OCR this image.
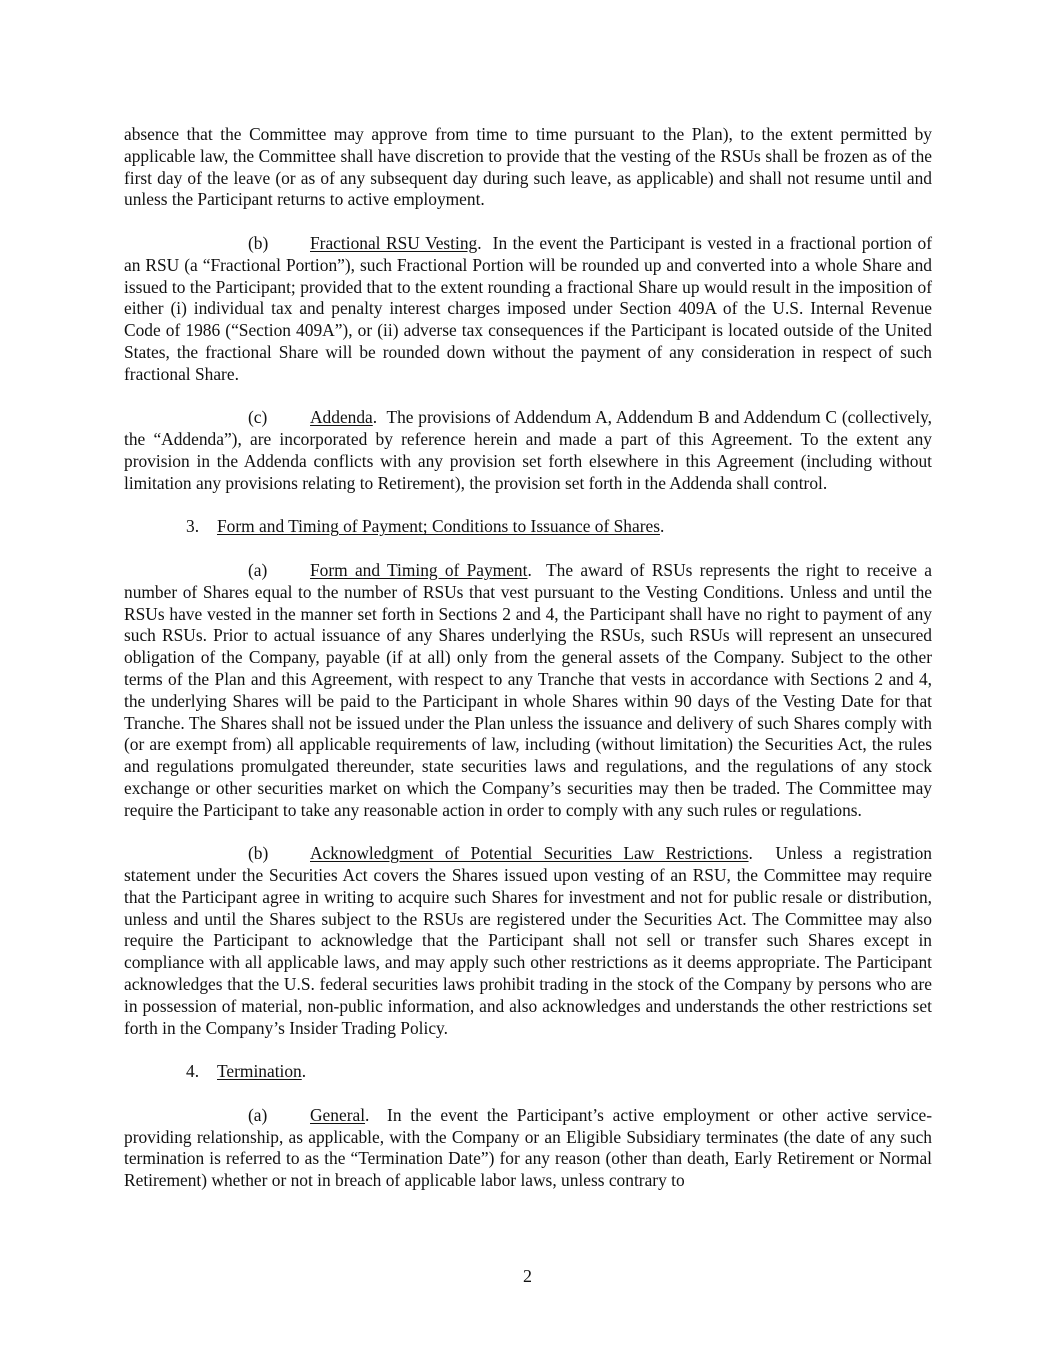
absence that the Committee may approve from time to time pursuant to the Plan), to the extent permitted by applicable law, the Committee shall have discretion to provide that the vesting of the RSUs shall be frozen as of the first day of the leave (or as of any subsequent day during such leave, as applicable) and shall not resume until and unless the Participant returns to active employment.

(b) Fractional RSU Vesting.  In the event the Participant is vested in a fractional portion of an RSU (a “Fractional Portion”), such Fractional Portion will be rounded up and converted into a whole Share and issued to the Participant; provided that to the extent rounding a fractional Share up would result in the imposition of either (i) individual tax and penalty interest charges imposed under Section 409A of the U.S. Internal Revenue Code of 1986 (“Section 409A”), or (ii) adverse tax consequences if the Participant is located outside of the United States, the fractional Share will be rounded down without the payment of any consideration in respect of such fractional Share.

(c) Addenda.  The provisions of Addendum A, Addendum B and Addendum C (collectively, the “Addenda”), are incorporated by reference herein and made a part of this Agreement. To the extent any provision in the Addenda conflicts with any provision set forth elsewhere in this Agreement (including without limitation any provisions relating to Retirement), the provision set forth in the Addenda shall control.

3. Form and Timing of Payment; Conditions to Issuance of Shares.

(a) Form and Timing of Payment.  The award of RSUs represents the right to receive a number of Shares equal to the number of RSUs that vest pursuant to the Vesting Conditions. Unless and until the RSUs have vested in the manner set forth in Sections 2 and 4, the Participant shall have no right to payment of any such RSUs. Prior to actual issuance of any Shares underlying the RSUs, such RSUs will represent an unsecured obligation of the Company, payable (if at all) only from the general assets of the Company. Subject to the other terms of the Plan and this Agreement, with respect to any Tranche that vests in accordance with Sections 2 and 4, the underlying Shares will be paid to the Participant in whole Shares within 90 days of the Vesting Date for that Tranche. The Shares shall not be issued under the Plan unless the issuance and delivery of such Shares comply with (or are exempt from) all applicable requirements of law, including (without limitation) the Securities Act, the rules and regulations promulgated thereunder, state securities laws and regulations, and the regulations of any stock exchange or other securities market on which the Company’s securities may then be traded. The Committee may require the Participant to take any reasonable action in order to comply with any such rules or regulations.

(b) Acknowledgment of Potential Securities Law Restrictions.  Unless a registration statement under the Securities Act covers the Shares issued upon vesting of an RSU, the Committee may require that the Participant agree in writing to acquire such Shares for investment and not for public resale or distribution, unless and until the Shares subject to the RSUs are registered under the Securities Act. The Committee may also require the Participant to acknowledge that the Participant shall not sell or transfer such Shares except in compliance with all applicable laws, and may apply such other restrictions as it deems appropriate. The Participant acknowledges that the U.S. federal securities laws prohibit trading in the stock of the Company by persons who are in possession of material, non-public information, and also acknowledges and understands the other restrictions set forth in the Company’s Insider Trading Policy.

4. Termination.

(a) General.  In the event the Participant’s active employment or other active service-providing relationship, as applicable, with the Company or an Eligible Subsidiary terminates (the date of any such termination is referred to as the “Termination Date”) for any reason (other than death, Early Retirement or Normal Retirement) whether or not in breach of applicable labor laws, unless contrary to

2
